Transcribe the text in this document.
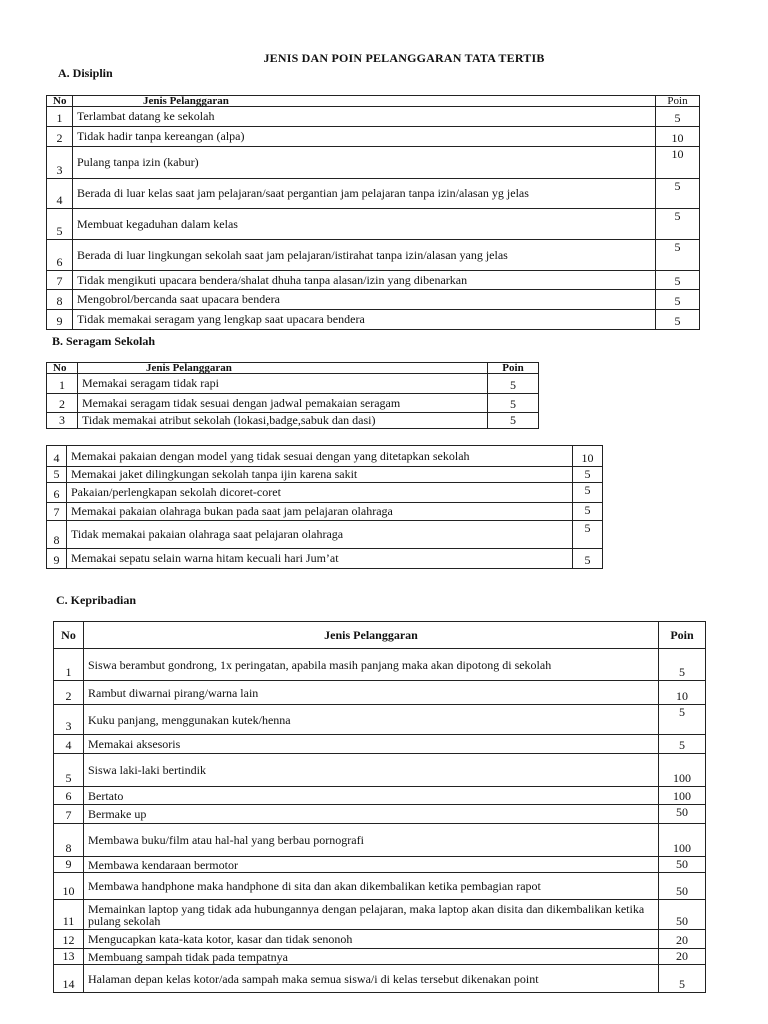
JENIS DAN POIN PELANGGARAN TATA TERTIB
A. Disiplin
No	Jenis Pelanggaran	Poin
1	Terlambat datang ke sekolah	5
2	Tidak hadir tanpa kereangan (alpa)	10
3	Pulang tanpa izin (kabur)	10
4	Berada di luar kelas saat jam pelajaran/saat pergantian jam pelajaran tanpa izin/alasan yg jelas	5
5	Membuat kegaduhan dalam kelas	5
6	Berada di luar lingkungan sekolah saat jam pelajaran/istirahat tanpa izin/alasan yang jelas	5
7	Tidak mengikuti upacara bendera/shalat dhuha tanpa alasan/izin yang dibenarkan	5
8	Mengobrol/bercanda saat upacara bendera	5
9	Tidak memakai seragam yang lengkap saat upacara bendera	5
B. Seragam Sekolah
No	Jenis Pelanggaran	Poin
1	Memakai seragam tidak rapi	5
2	Memakai seragam tidak sesuai dengan jadwal pemakaian seragam	5
3	Tidak memakai atribut sekolah (lokasi,badge,sabuk dan dasi)	5
4	Memakai pakaian dengan model yang tidak sesuai dengan yang ditetapkan sekolah	10
5	Memakai jaket dilingkungan sekolah tanpa ijin karena sakit	5
6	Pakaian/perlengkapan sekolah dicoret-coret	5
7	Memakai pakaian olahraga bukan pada saat jam pelajaran olahraga	5
8	Tidak memakai pakaian olahraga saat pelajaran olahraga	5
9	Memakai sepatu selain warna hitam kecuali hari Jum’at	5
C. Kepribadian
No	Jenis Pelanggaran	Poin
1	Siswa berambut gondrong, 1x peringatan, apabila masih panjang maka akan dipotong di sekolah	5
2	Rambut diwarnai pirang/warna lain	10
3	Kuku panjang, menggunakan kutek/henna	5
4	Memakai aksesoris	5
5	Siswa laki-laki bertindik	100
6	Bertato	100
7	Bermake up	50
8	Membawa buku/film atau hal-hal yang berbau pornografi	100
9	Membawa kendaraan bermotor	50
10	Membawa handphone maka handphone di sita dan akan dikembalikan ketika pembagian rapot	50
11	Memainkan laptop yang tidak ada hubungannya dengan pelajaran, maka laptop akan disita dan dikembalikan ketika pulang sekolah	50
12	Mengucapkan kata-kata kotor, kasar dan tidak senonoh	20
13	Membuang sampah tidak pada tempatnya	20
14	Halaman depan kelas kotor/ada sampah maka semua siswa/i di kelas tersebut dikenakan point	5
